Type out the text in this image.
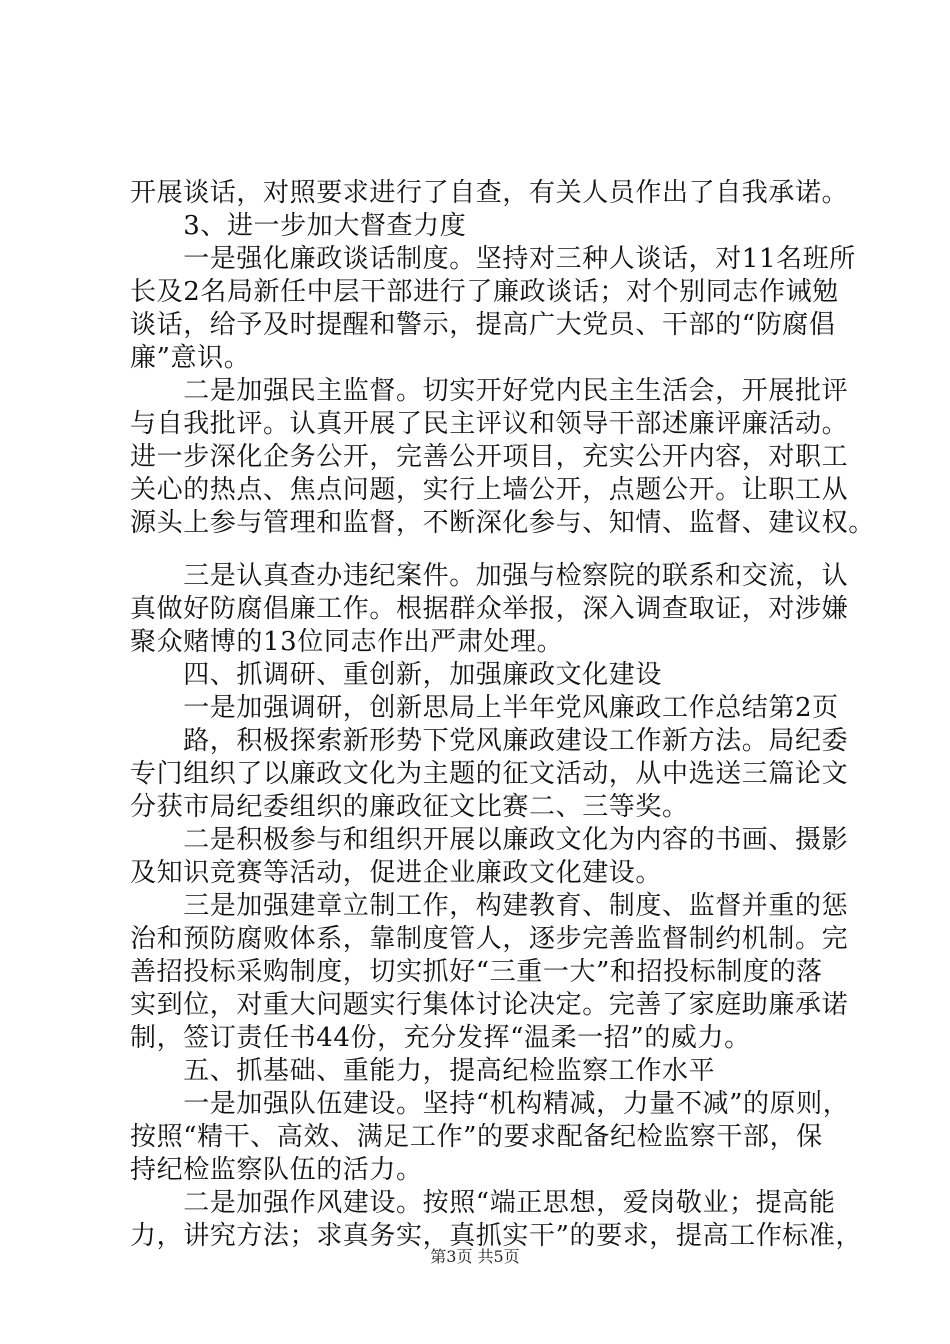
开展谈话，对照要求进行了自查，有关人员作出了自我承诺。
　　3、进一步加大督查力度
　　一是强化廉政谈话制度。坚持对三种人谈话，对11名班所
长及2名局新任中层干部进行了廉政谈话；对个别同志作诫勉
谈话，给予及时提醒和警示，提高广大党员、干部的“防腐倡
廉”意识。
　　二是加强民主监督。切实开好党内民主生活会，开展批评
与自我批评。认真开展了民主评议和领导干部述廉评廉活动。
进一步深化企务公开，完善公开项目，充实公开内容，对职工
关心的热点、焦点问题，实行上墙公开，点题公开。让职工从
源头上参与管理和监督，不断深化参与、知情、监督、建议权。
　　三是认真查办违纪案件。加强与检察院的联系和交流，认
真做好防腐倡廉工作。根据群众举报，深入调查取证，对涉嫌
聚众赌博的13位同志作出严肃处理。
　　四、抓调研、重创新，加强廉政文化建设
　　一是加强调研，创新思局上半年党风廉政工作总结第2页
　　路，积极探索新形势下党风廉政建设工作新方法。局纪委
专门组织了以廉政文化为主题的征文活动，从中选送三篇论文
分获市局纪委组织的廉政征文比赛二、三等奖。
　　二是积极参与和组织开展以廉政文化为内容的书画、摄影
及知识竞赛等活动，促进企业廉政文化建设。
　　三是加强建章立制工作，构建教育、制度、监督并重的惩
治和预防腐败体系，靠制度管人，逐步完善监督制约机制。完
善招投标采购制度，切实抓好“三重一大”和招投标制度的落
实到位，对重大问题实行集体讨论决定。完善了家庭助廉承诺
制，签订责任书44份，充分发挥“温柔一招”的威力。
　　五、抓基础、重能力，提高纪检监察工作水平
　　一是加强队伍建设。坚持“机构精减，力量不减”的原则，
按照“精干、高效、满足工作”的要求配备纪检监察干部，保
持纪检监察队伍的活力。
　　二是加强作风建设。按照“端正思想，爱岗敬业；提高能
力，讲究方法；求真务实，真抓实干”的要求，提高工作标准，
第3页 共5页
